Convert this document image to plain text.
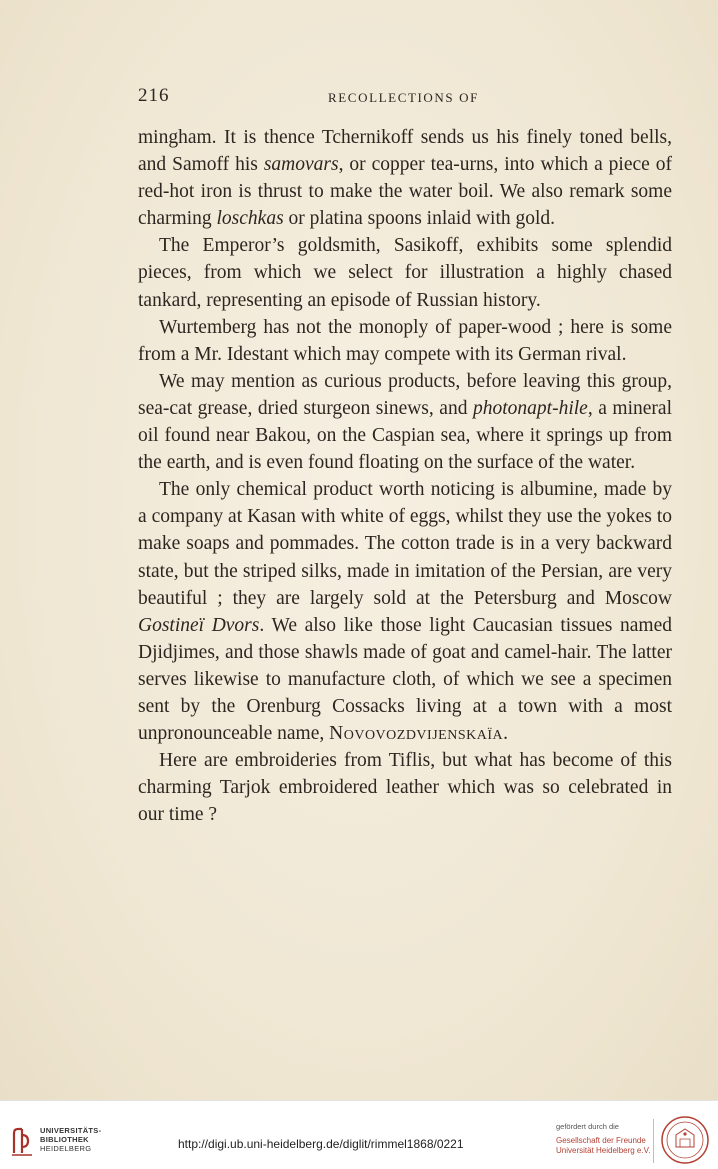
216	RECOLLECTIONS OF

mingham. It is thence Tchernikoff sends us his finely toned bells, and Samoff his samovars, or copper tea-urns, into which a piece of red-hot iron is thrust to make the water boil. We also remark some charming loschkas or platina spoons inlaid with gold.

The Emperor’s goldsmith, Sasikoff, exhibits some splendid pieces, from which we select for illustration a highly chased tankard, representing an episode of Russian history.

Wurtemberg has not the monoply of paper-wood ; here is some from a Mr. Idestant which may compete with its German rival.

We may mention as curious products, before leaving this group, sea-cat grease, dried sturgeon sinews, and photonapt-hile, a mineral oil found near Bakou, on the Caspian sea, where it springs up from the earth, and is even found floating on the surface of the water.

The only chemical product worth noticing is albumine, made by a company at Kasan with white of eggs, whilst they use the yokes to make soaps and pommades. The cotton trade is in a very backward state, but the striped silks, made in imitation of the Persian, are very beautiful ; they are largely sold at the Petersburg and Moscow Gostineï Dvors. We also like those light Caucasian tissues named Djidjimes, and those shawls made of goat and camel-hair. The latter serves likewise to manufacture cloth, of which we see a specimen sent by the Orenburg Cossacks living at a town with a most unpronounceable name, Novovozdvijenskaïa.

Here are embroideries from Tiflis, but what has become of this charming Tarjok embroidered leather which was so celebrated in our time ?

UNIVERSITÄTS-
BIBLIOTHEK
HEIDELBERG	http://digi.ub.uni-heidelberg.de/diglit/rimmel1868/0221
gefördert durch die
Gesellschaft der Freunde
Universität Heidelberg e.V.
